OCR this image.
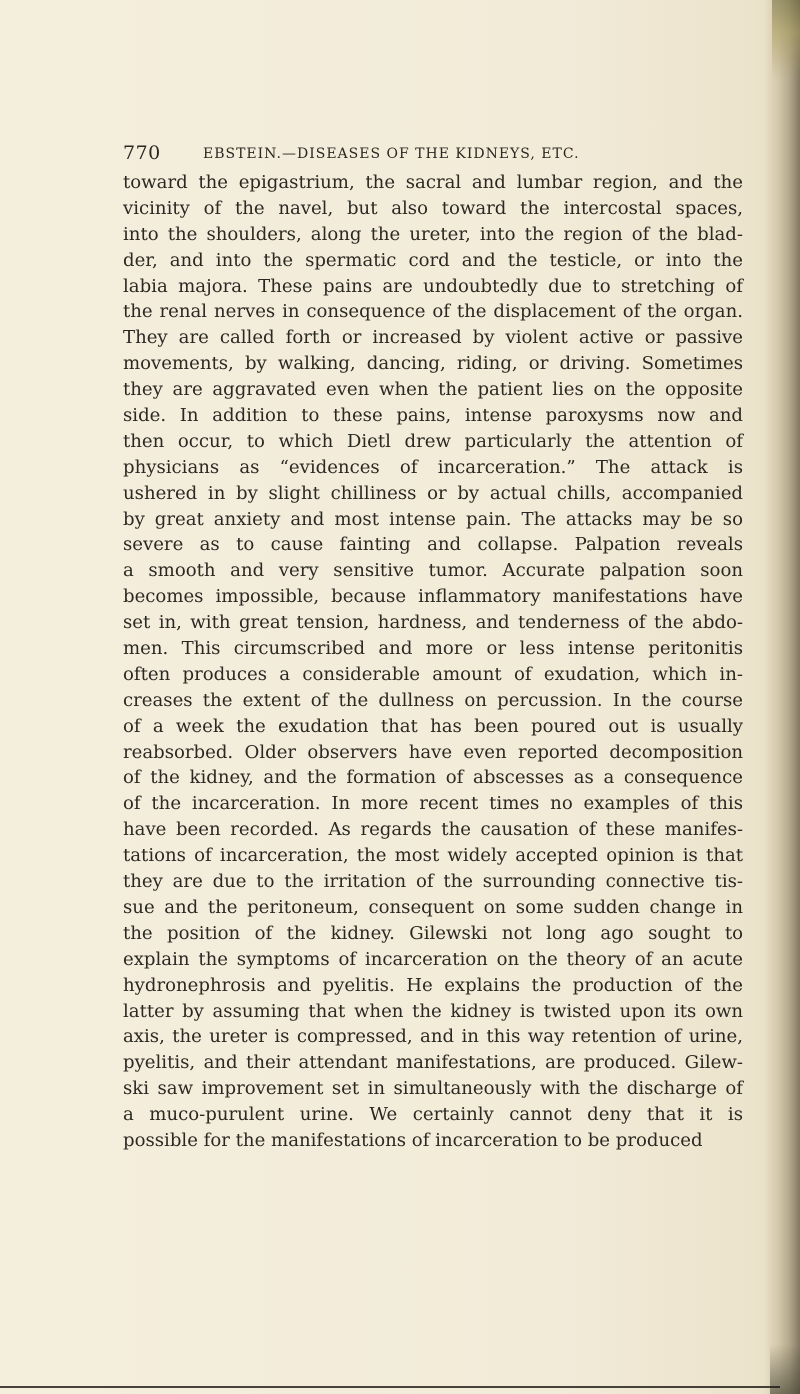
770	EBSTEIN.—DISEASES OF THE KIDNEYS, ETC.
toward the epigastrium, the sacral and lumbar region, and the
vicinity of the navel, but also toward the intercostal spaces,
into the shoulders, along the ureter, into the region of the blad-
der, and into the spermatic cord and the testicle, or into the
labia majora. These pains are undoubtedly due to stretching of
the renal nerves in consequence of the displacement of the organ.
They are called forth or increased by violent active or passive
movements, by walking, dancing, riding, or driving. Sometimes
they are aggravated even when the patient lies on the opposite
side. In addition to these pains, intense paroxysms now and
then occur, to which Dietl drew particularly the attention of
physicians as “evidences of incarceration.” The attack is
ushered in by slight chilliness or by actual chills, accompanied
by great anxiety and most intense pain. The attacks may be so
severe as to cause fainting and collapse. Palpation reveals
a smooth and very sensitive tumor. Accurate palpation soon
becomes impossible, because inflammatory manifestations have
set in, with great tension, hardness, and tenderness of the abdo-
men. This circumscribed and more or less intense peritonitis
often produces a considerable amount of exudation, which in-
creases the extent of the dullness on percussion. In the course
of a week the exudation that has been poured out is usually
reabsorbed. Older observers have even reported decomposition
of the kidney, and the formation of abscesses as a consequence
of the incarceration. In more recent times no examples of this
have been recorded. As regards the causation of these manifes-
tations of incarceration, the most widely accepted opinion is that
they are due to the irritation of the surrounding connective tis-
sue and the peritoneum, consequent on some sudden change in
the position of the kidney. Gilewski not long ago sought to
explain the symptoms of incarceration on the theory of an acute
hydronephrosis and pyelitis. He explains the production of the
latter by assuming that when the kidney is twisted upon its own
axis, the ureter is compressed, and in this way retention of urine,
pyelitis, and their attendant manifestations, are produced. Gilew-
ski saw improvement set in simultaneously with the discharge of
a muco-purulent urine. We certainly cannot deny that it is
possible for the manifestations of incarceration to be produced
